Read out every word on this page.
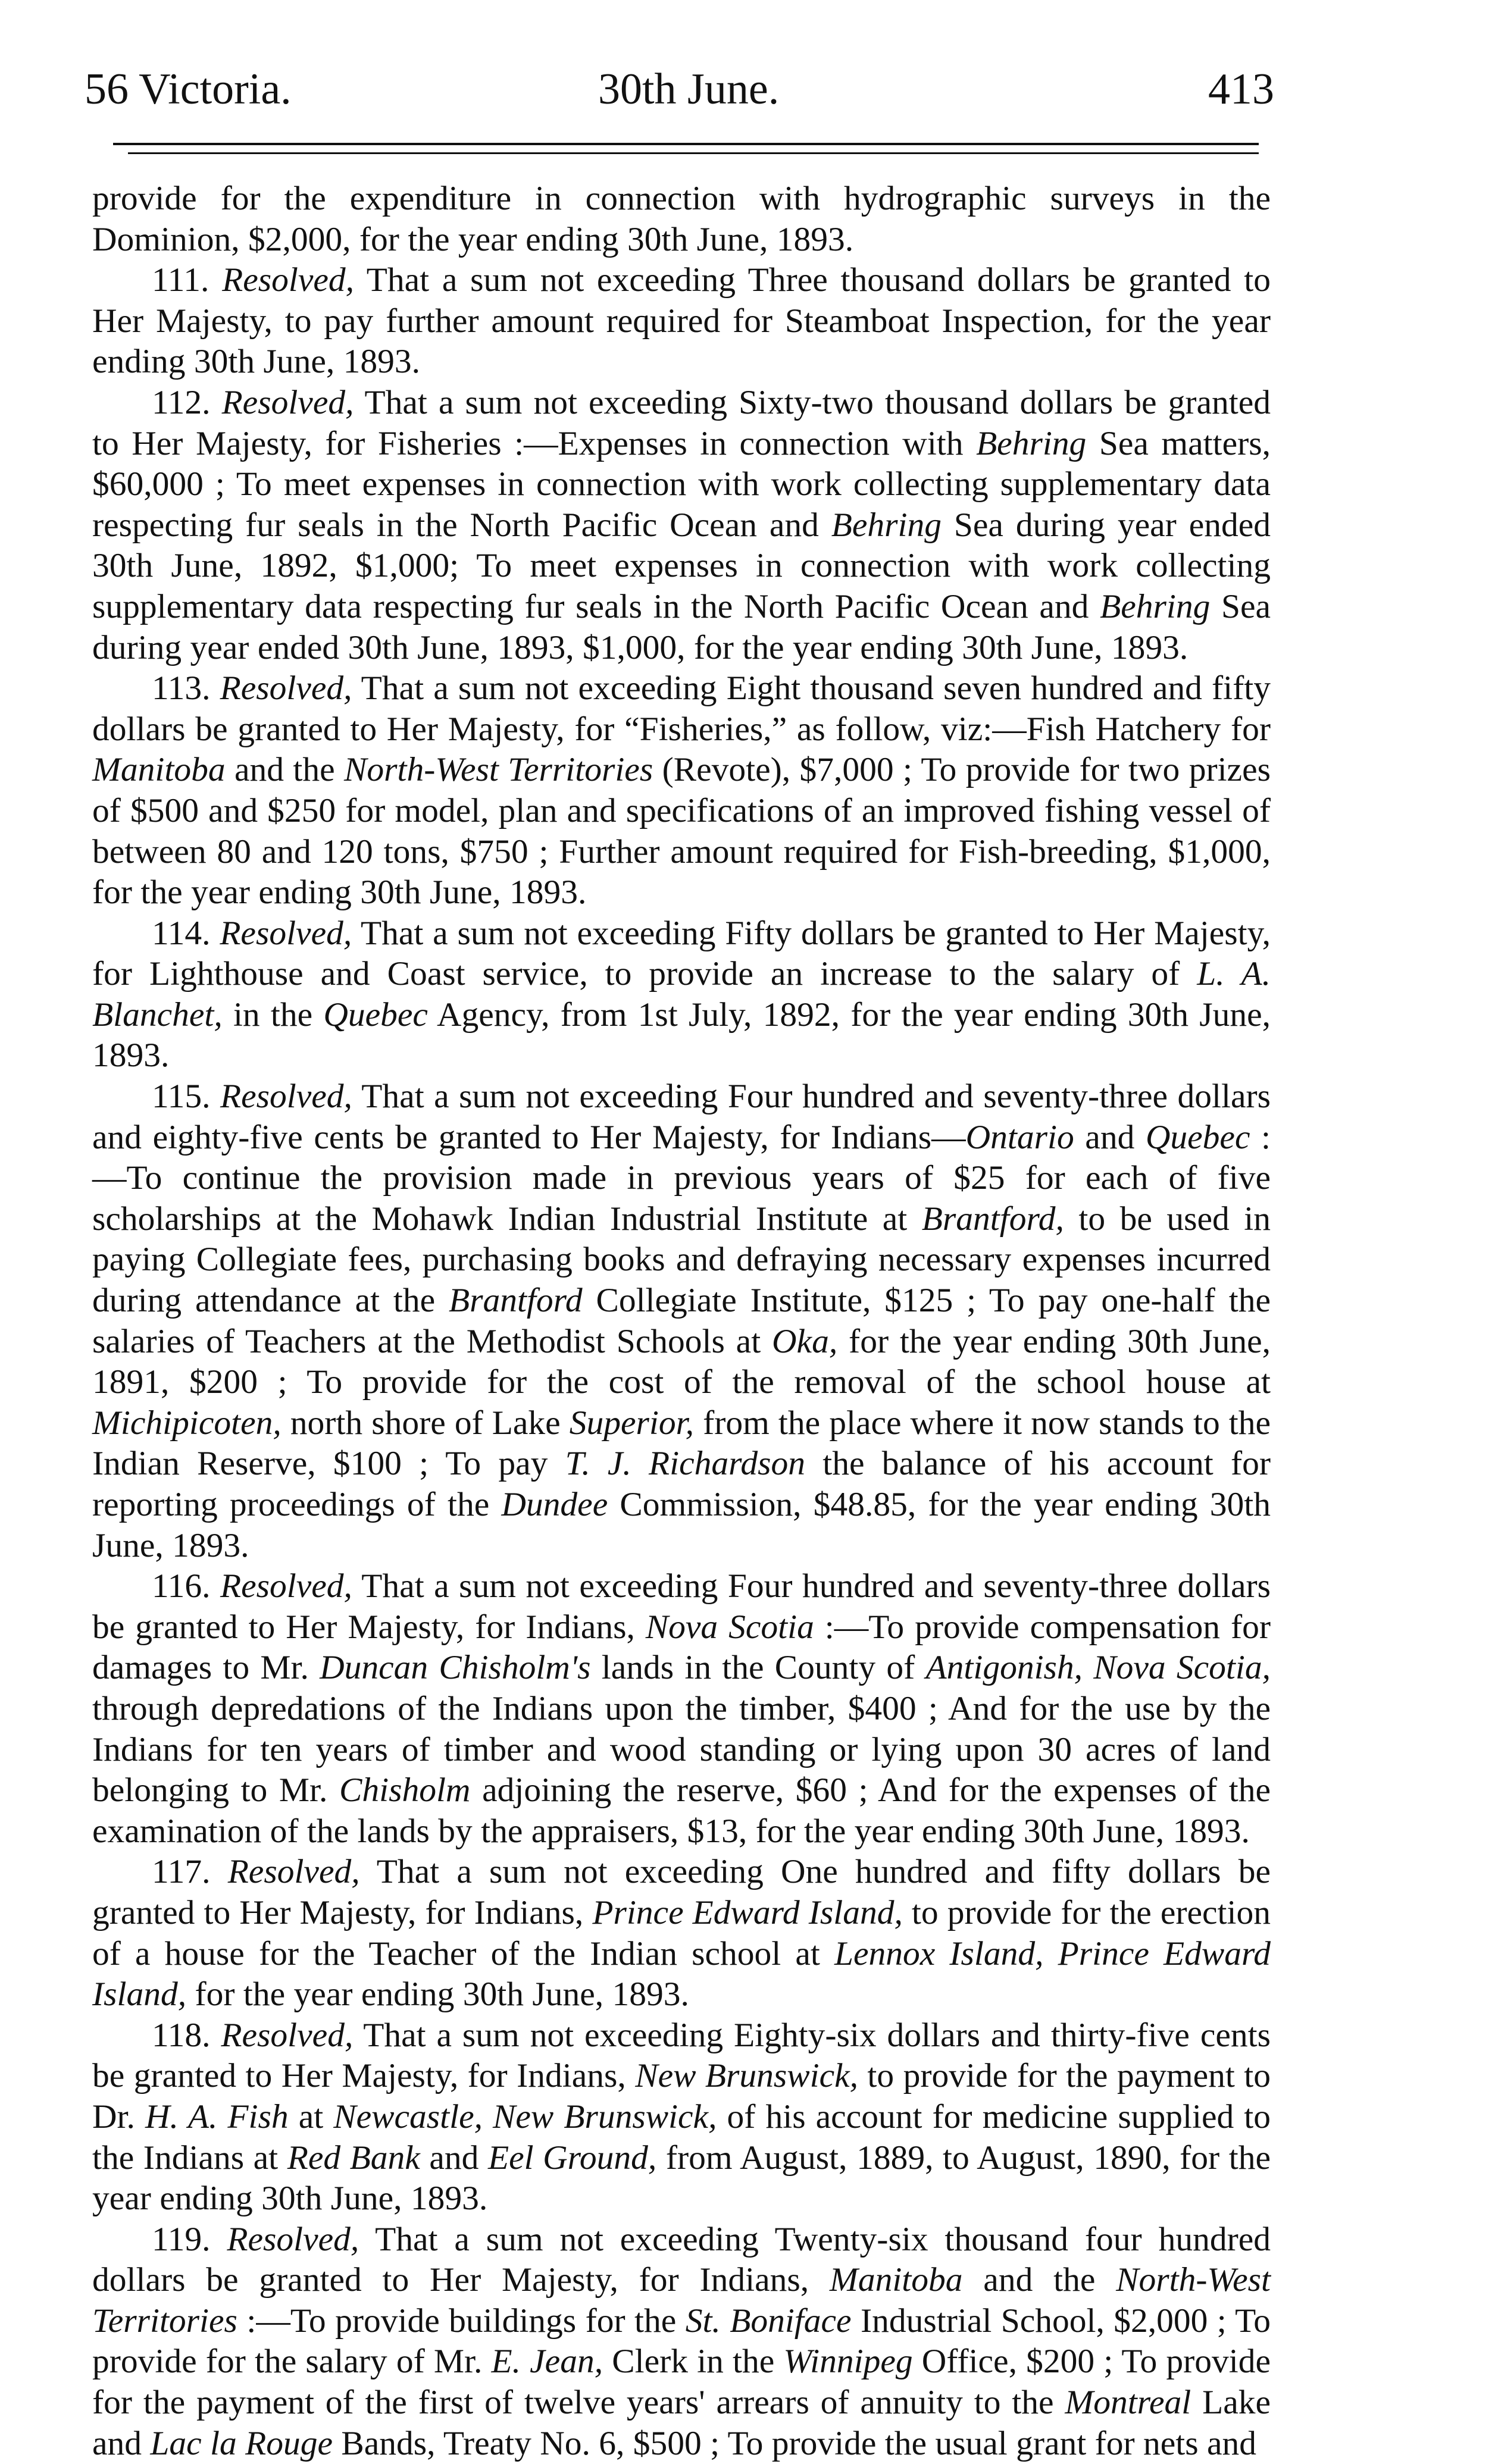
56 Victoria.	30th June.	413

provide for the expenditure in connection with hydrographic surveys in the Dominion, $2,000, for the year ending 30th June, 1893.

111. Resolved, That a sum not exceeding Three thousand dollars be granted to Her Majesty, to pay further amount required for Steamboat Inspection, for the year ending 30th June, 1893.

112. Resolved, That a sum not exceeding Sixty-two thousand dollars be granted to Her Majesty, for Fisheries :—Expenses in connection with Behring Sea matters, $60,000 ; To meet expenses in connection with work collecting supplementary data respecting fur seals in the North Pacific Ocean and Behring Sea during year ended 30th June, 1892, $1,000; To meet expenses in connection with work collecting supplementary data respecting fur seals in the North Pacific Ocean and Behring Sea during year ended 30th June, 1893, $1,000, for the year ending 30th June, 1893.

113. Resolved, That a sum not exceeding Eight thousand seven hundred and fifty dollars be granted to Her Majesty, for “Fisheries,” as follow, viz:—Fish Hatchery for Manitoba and the North-West Territories (Revote), $7,000 ; To provide for two prizes of $500 and $250 for model, plan and specifications of an improved fishing vessel of between 80 and 120 tons, $750 ; Further amount required for Fish-breeding, $1,000, for the year ending 30th June, 1893.

114. Resolved, That a sum not exceeding Fifty dollars be granted to Her Majesty, for Lighthouse and Coast service, to provide an increase to the salary of L. A. Blanchet, in the Quebec Agency, from 1st July, 1892, for the year ending 30th June, 1893.

115. Resolved, That a sum not exceeding Four hundred and seventy-three dollars and eighty-five cents be granted to Her Majesty, for Indians—Ontario and Quebec :—To continue the provision made in previous years of $25 for each of five scholarships at the Mohawk Indian Industrial Institute at Brantford, to be used in paying Collegiate fees, purchasing books and defraying necessary expenses incurred during attendance at the Brantford Collegiate Institute, $125 ; To pay one-half the salaries of Teachers at the Methodist Schools at Oka, for the year ending 30th June, 1891, $200 ; To provide for the cost of the removal of the school house at Michipicoten, north shore of Lake Superior, from the place where it now stands to the Indian Reserve, $100 ; To pay T. J. Richardson the balance of his account for reporting proceedings of the Dundee Commission, $48.85, for the year ending 30th June, 1893.

116. Resolved, That a sum not exceeding Four hundred and seventy-three dollars be granted to Her Majesty, for Indians, Nova Scotia :—To provide compensation for damages to Mr. Duncan Chisholm's lands in the County of Antigonish, Nova Scotia, through depredations of the Indians upon the timber, $400 ; And for the use by the Indians for ten years of timber and wood standing or lying upon 30 acres of land belonging to Mr. Chisholm adjoining the reserve, $60 ; And for the expenses of the examination of the lands by the appraisers, $13, for the year ending 30th June, 1893.

117. Resolved, That a sum not exceeding One hundred and fifty dollars be granted to Her Majesty, for Indians, Prince Edward Island, to provide for the erection of a house for the Teacher of the Indian school at Lennox Island, Prince Edward Island, for the year ending 30th June, 1893.

118. Resolved, That a sum not exceeding Eighty-six dollars and thirty-five cents be granted to Her Majesty, for Indians, New Brunswick, to provide for the payment to Dr. H. A. Fish at Newcastle, New Brunswick, of his account for medicine supplied to the Indians at Red Bank and Eel Ground, from August, 1889, to August, 1890, for the year ending 30th June, 1893.

119. Resolved, That a sum not exceeding Twenty-six thousand four hundred dollars be granted to Her Majesty, for Indians, Manitoba and the North-West Territories :—To provide buildings for the St. Boniface Industrial School, $2,000 ; To provide for the salary of Mr. E. Jean, Clerk in the Winnipeg Office, $200 ; To provide for the payment of the first of twelve years' arrears of annuity to the Montreal Lake and Lac la Rouge Bands, Treaty No. 6, $500 ; To provide the usual grant for nets and
